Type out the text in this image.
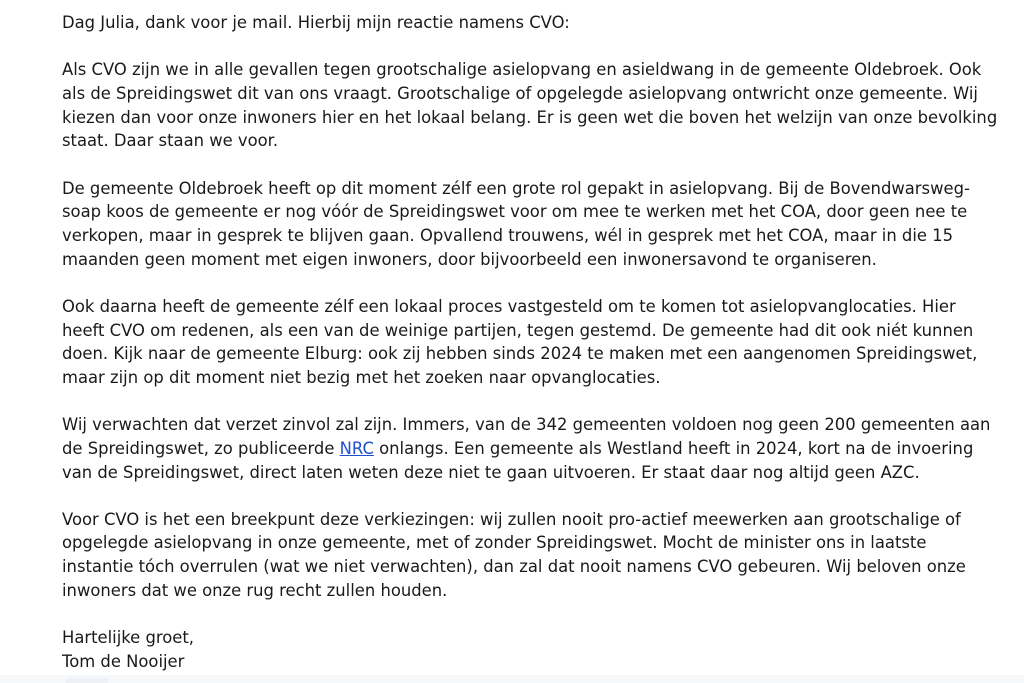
Dag Julia, dank voor je mail. Hierbij mijn reactie namens CVO:

Als CVO zijn we in alle gevallen tegen grootschalige asielopvang en asieldwang in de gemeente Oldebroek. Ook
als de Spreidingswet dit van ons vraagt. Grootschalige of opgelegde asielopvang ontwricht onze gemeente. Wij
kiezen dan voor onze inwoners hier en het lokaal belang. Er is geen wet die boven het welzijn van onze bevolking
staat. Daar staan we voor.

De gemeente Oldebroek heeft op dit moment zélf een grote rol gepakt in asielopvang. Bij de Bovendwarsweg-
soap koos de gemeente er nog vóór de Spreidingswet voor om mee te werken met het COA, door geen nee te
verkopen, maar in gesprek te blijven gaan. Opvallend trouwens, wél in gesprek met het COA, maar in die 15
maanden geen moment met eigen inwoners, door bijvoorbeeld een inwonersavond te organiseren.

Ook daarna heeft de gemeente zélf een lokaal proces vastgesteld om te komen tot asielopvanglocaties. Hier
heeft CVO om redenen, als een van de weinige partijen, tegen gestemd. De gemeente had dit ook niét kunnen
doen. Kijk naar de gemeente Elburg: ook zij hebben sinds 2024 te maken met een aangenomen Spreidingswet,
maar zijn op dit moment niet bezig met het zoeken naar opvanglocaties.

Wij verwachten dat verzet zinvol zal zijn. Immers, van de 342 gemeenten voldoen nog geen 200 gemeenten aan
de Spreidingswet, zo publiceerde NRC onlangs. Een gemeente als Westland heeft in 2024, kort na de invoering
van de Spreidingswet, direct laten weten deze niet te gaan uitvoeren. Er staat daar nog altijd geen AZC.

Voor CVO is het een breekpunt deze verkiezingen: wij zullen nooit pro-actief meewerken aan grootschalige of
opgelegde asielopvang in onze gemeente, met of zonder Spreidingswet. Mocht de minister ons in laatste
instantie tóch overrulen (wat we niet verwachten), dan zal dat nooit namens CVO gebeuren. Wij beloven onze
inwoners dat we onze rug recht zullen houden.

Hartelijke groet,
Tom de Nooijer
